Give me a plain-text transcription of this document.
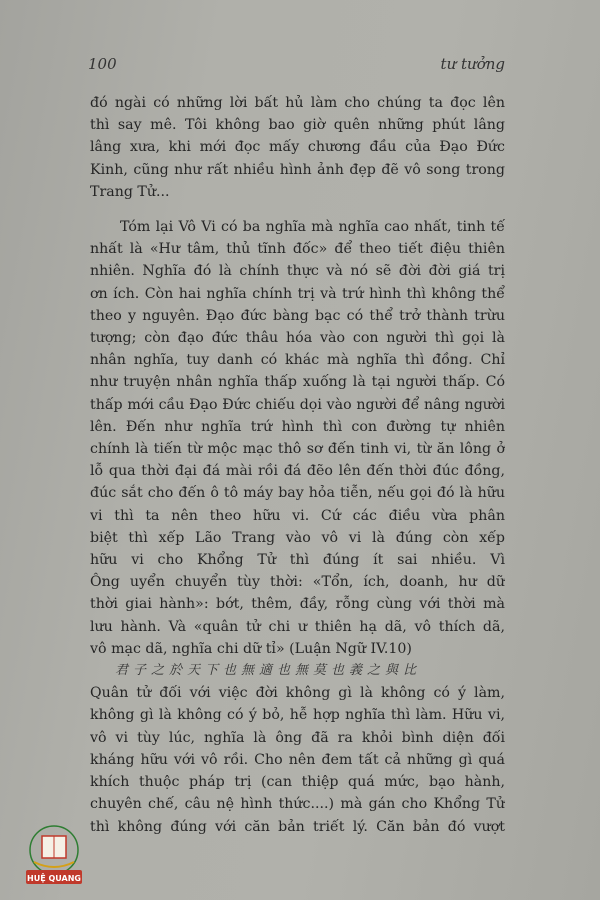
100	tư tưởng

đó ngài có những lời bất hủ làm cho chúng ta đọc lên
thì say mê. Tôi không bao giờ quên những phút lâng
lâng xưa, khi mới đọc mấy chương đầu của Đạo Đức
Kinh, cũng như rất nhiều hình ảnh đẹp đẽ vô song trong
Trang Tử...

Tóm lại Vô Vi có ba nghĩa mà nghĩa cao nhất, tinh tế
nhất là «Hư tâm, thủ tĩnh đốc» để theo tiết điệu thiên
nhiên. Nghĩa đó là chính thực và nó sẽ đời đời giá trị
ơn ích. Còn hai nghĩa chính trị và trứ hình thì không thể
theo y nguyên. Đạo đức bàng bạc có thể trở thành trừu
tượng; còn đạo đức thâu hóa vào con người thì gọi là
nhân nghĩa, tuy danh có khác mà nghĩa thì đồng. Chỉ
như truyện nhân nghĩa thấp xuống là tại người thấp. Có
thấp mới cầu Đạo Đức chiếu dọi vào người để nâng người
lên. Đến như nghĩa trứ hình thì con đường tự nhiên
chính là tiến từ mộc mạc thô sơ đến tinh vi, từ ăn lông ở
lỗ qua thời đại đá mài rồi đá đẽo lên đến thời đúc đồng,
đúc sắt cho đến ô tô máy bay hỏa tiễn, nếu gọi đó là hữu
vi thì ta nên theo hữu vi. Cứ các điều vừa phân
biệt thì xếp Lão Trang vào vô vi là đúng còn xếp
hữu vi cho Khổng Tử thì đúng ít sai nhiều. Vì
Ông uyển chuyển tùy thời: «Tổn, ích, doanh, hư dữ
thời giai hành»: bớt, thêm, đầy, rỗng cùng với thời mà
lưu hành. Và «quân tử chi ư thiên hạ dã, vô thích dã,
vô mạc dã, nghĩa chi dữ tỉ» (Luận Ngữ IV.10)

君子之於天下也無適也無莫也義之與比

Quân tử đối với việc đời không gì là không có ý làm,
không gì là không có ý bỏ, hễ hợp nghĩa thì làm. Hữu vi,
vô vi tùy lúc, nghĩa là ông đã ra khỏi bình diện đối
kháng hữu với vô rồi. Cho nên đem tất cả những gì quá
khích thuộc pháp trị (can thiệp quá mức, bạo hành,
chuyên chế, câu nệ hình thức....) mà gán cho Khổng Tử
thì không đúng với căn bản triết lý. Căn bản đó vượt

HUỆ QUANG
